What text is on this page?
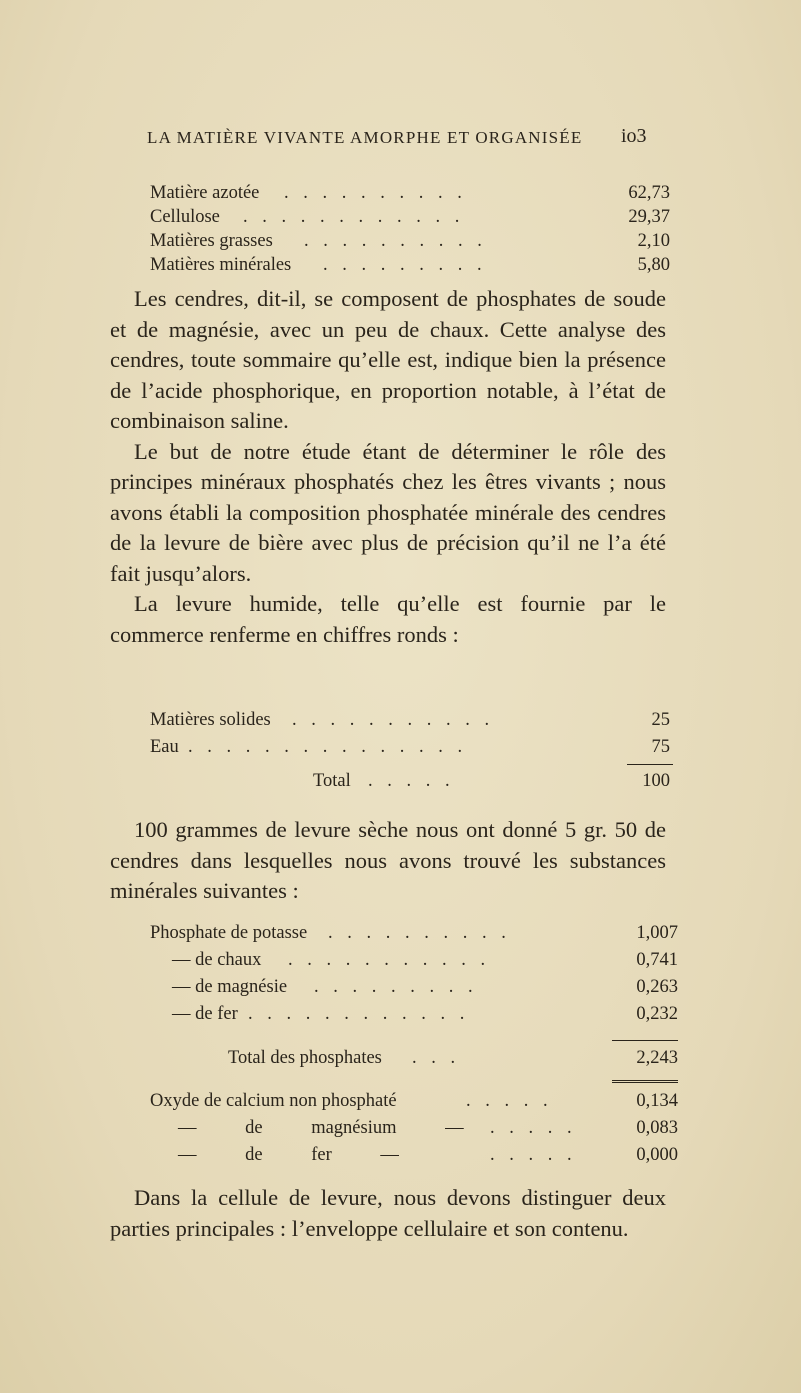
LA MATIÈRE VIVANTE AMORPHE ET ORGANISÉE io3
Matière azotée . . . . . . . . . .	62,73
Cellulose . . . . . . . . . . . .	29,37
Matières grasses . . . . . . . . . .	2,10
Matières minérales . . . . . . . . .	5,80

Les cendres, dit-il, se composent de phosphates de soude et de magnésie, avec un peu de chaux. Cette analyse des cendres, toute sommaire qu’elle est, indique bien la présence de l’acide phosphorique, en proportion notable, à l’état de combinaison saline.

Le but de notre étude étant de déterminer le rôle des principes minéraux phosphatés chez les êtres vivants ; nous avons établi la composition phosphatée minérale des cendres de la levure de bière avec plus de précision qu’il ne l’a été fait jusqu’alors.

La levure humide, telle qu’elle est fournie par le commerce renferme en chiffres ronds :

Matières solides . . . . . . . . . . .	25
Eau . . . . . . . . . . . . . . .	75
Total . . . . .	100

100 grammes de levure sèche nous ont donné 5 gr. 50 de cendres dans lesquelles nous avons trouvé les substances minérales suivantes :

Phosphate de potasse . . . . . . . . . .	1,007
— de chaux . . . . . . . . . . .	0,741
— de magnésie . . . . . . . . .	0,263
— de fer . . . . . . . . . . . .	0,232
Total des phosphates . . .	2,243
Oxyde de calcium non phosphaté	. . . . .	0,134
— de magnésium — . . . . .	0,083
— de fer —	. . . . .	0,000

Dans la cellule de levure, nous devons distinguer deux parties principales : l’enveloppe cellulaire et son contenu.
